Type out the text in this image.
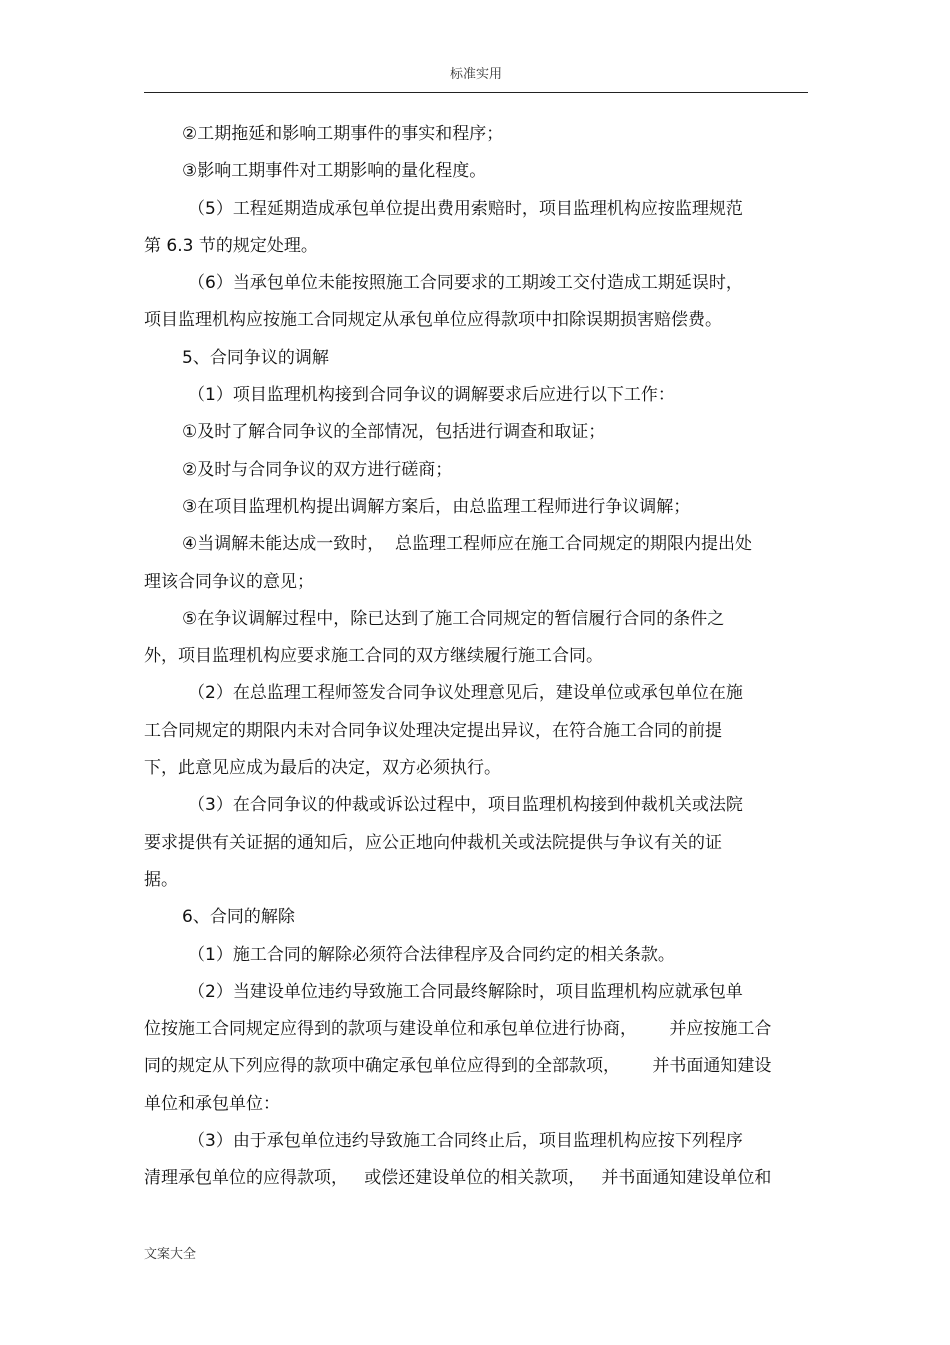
标准实用
②工期拖延和影响工期事件的事实和程序；
③影响工期事件对工期影响的量化程度。
（5）工程延期造成承包单位提出费用索赔时，项目监理机构应按监理规范
第 6.3 节的规定处理。
（6）当承包单位未能按照施工合同要求的工期竣工交付造成工期延误时，
项目监理机构应按施工合同规定从承包单位应得款项中扣除误期损害赔偿费。
5、合同争议的调解
（1）项目监理机构接到合同争议的调解要求后应进行以下工作：
①及时了解合同争议的全部情况，包括进行调查和取证；
②及时与合同争议的双方进行磋商；
③在项目监理机构提出调解方案后，由总监理工程师进行争议调解；
④当调解未能达成一致时，  总监理工程师应在施工合同规定的期限内提出处
理该合同争议的意见；
⑤在争议调解过程中，除已达到了施工合同规定的暂信履行合同的条件之
外，项目监理机构应要求施工合同的双方继续履行施工合同。
（2）在总监理工程师签发合同争议处理意见后，建设单位或承包单位在施
工合同规定的期限内未对合同争议处理决定提出异议，在符合施工合同的前提
下，此意见应成为最后的决定，双方必须执行。
（3）在合同争议的仲裁或诉讼过程中，项目监理机构接到仲裁机关或法院
要求提供有关证据的通知后，应公正地向仲裁机关或法院提供与争议有关的证
据。
6、合同的解除
（1）施工合同的解除必须符合法律程序及合同约定的相关条款。
（2）当建设单位违约导致施工合同最终解除时，项目监理机构应就承包单
位按施工合同规定应得到的款项与建设单位和承包单位进行协商，      并应按施工合
同的规定从下列应得的款项中确定承包单位应得到的全部款项，      并书面通知建设
单位和承包单位：
（3）由于承包单位违约导致施工合同终止后，项目监理机构应按下列程序
清理承包单位的应得款项，   或偿还建设单位的相关款项，   并书面通知建设单位和
文案大全
